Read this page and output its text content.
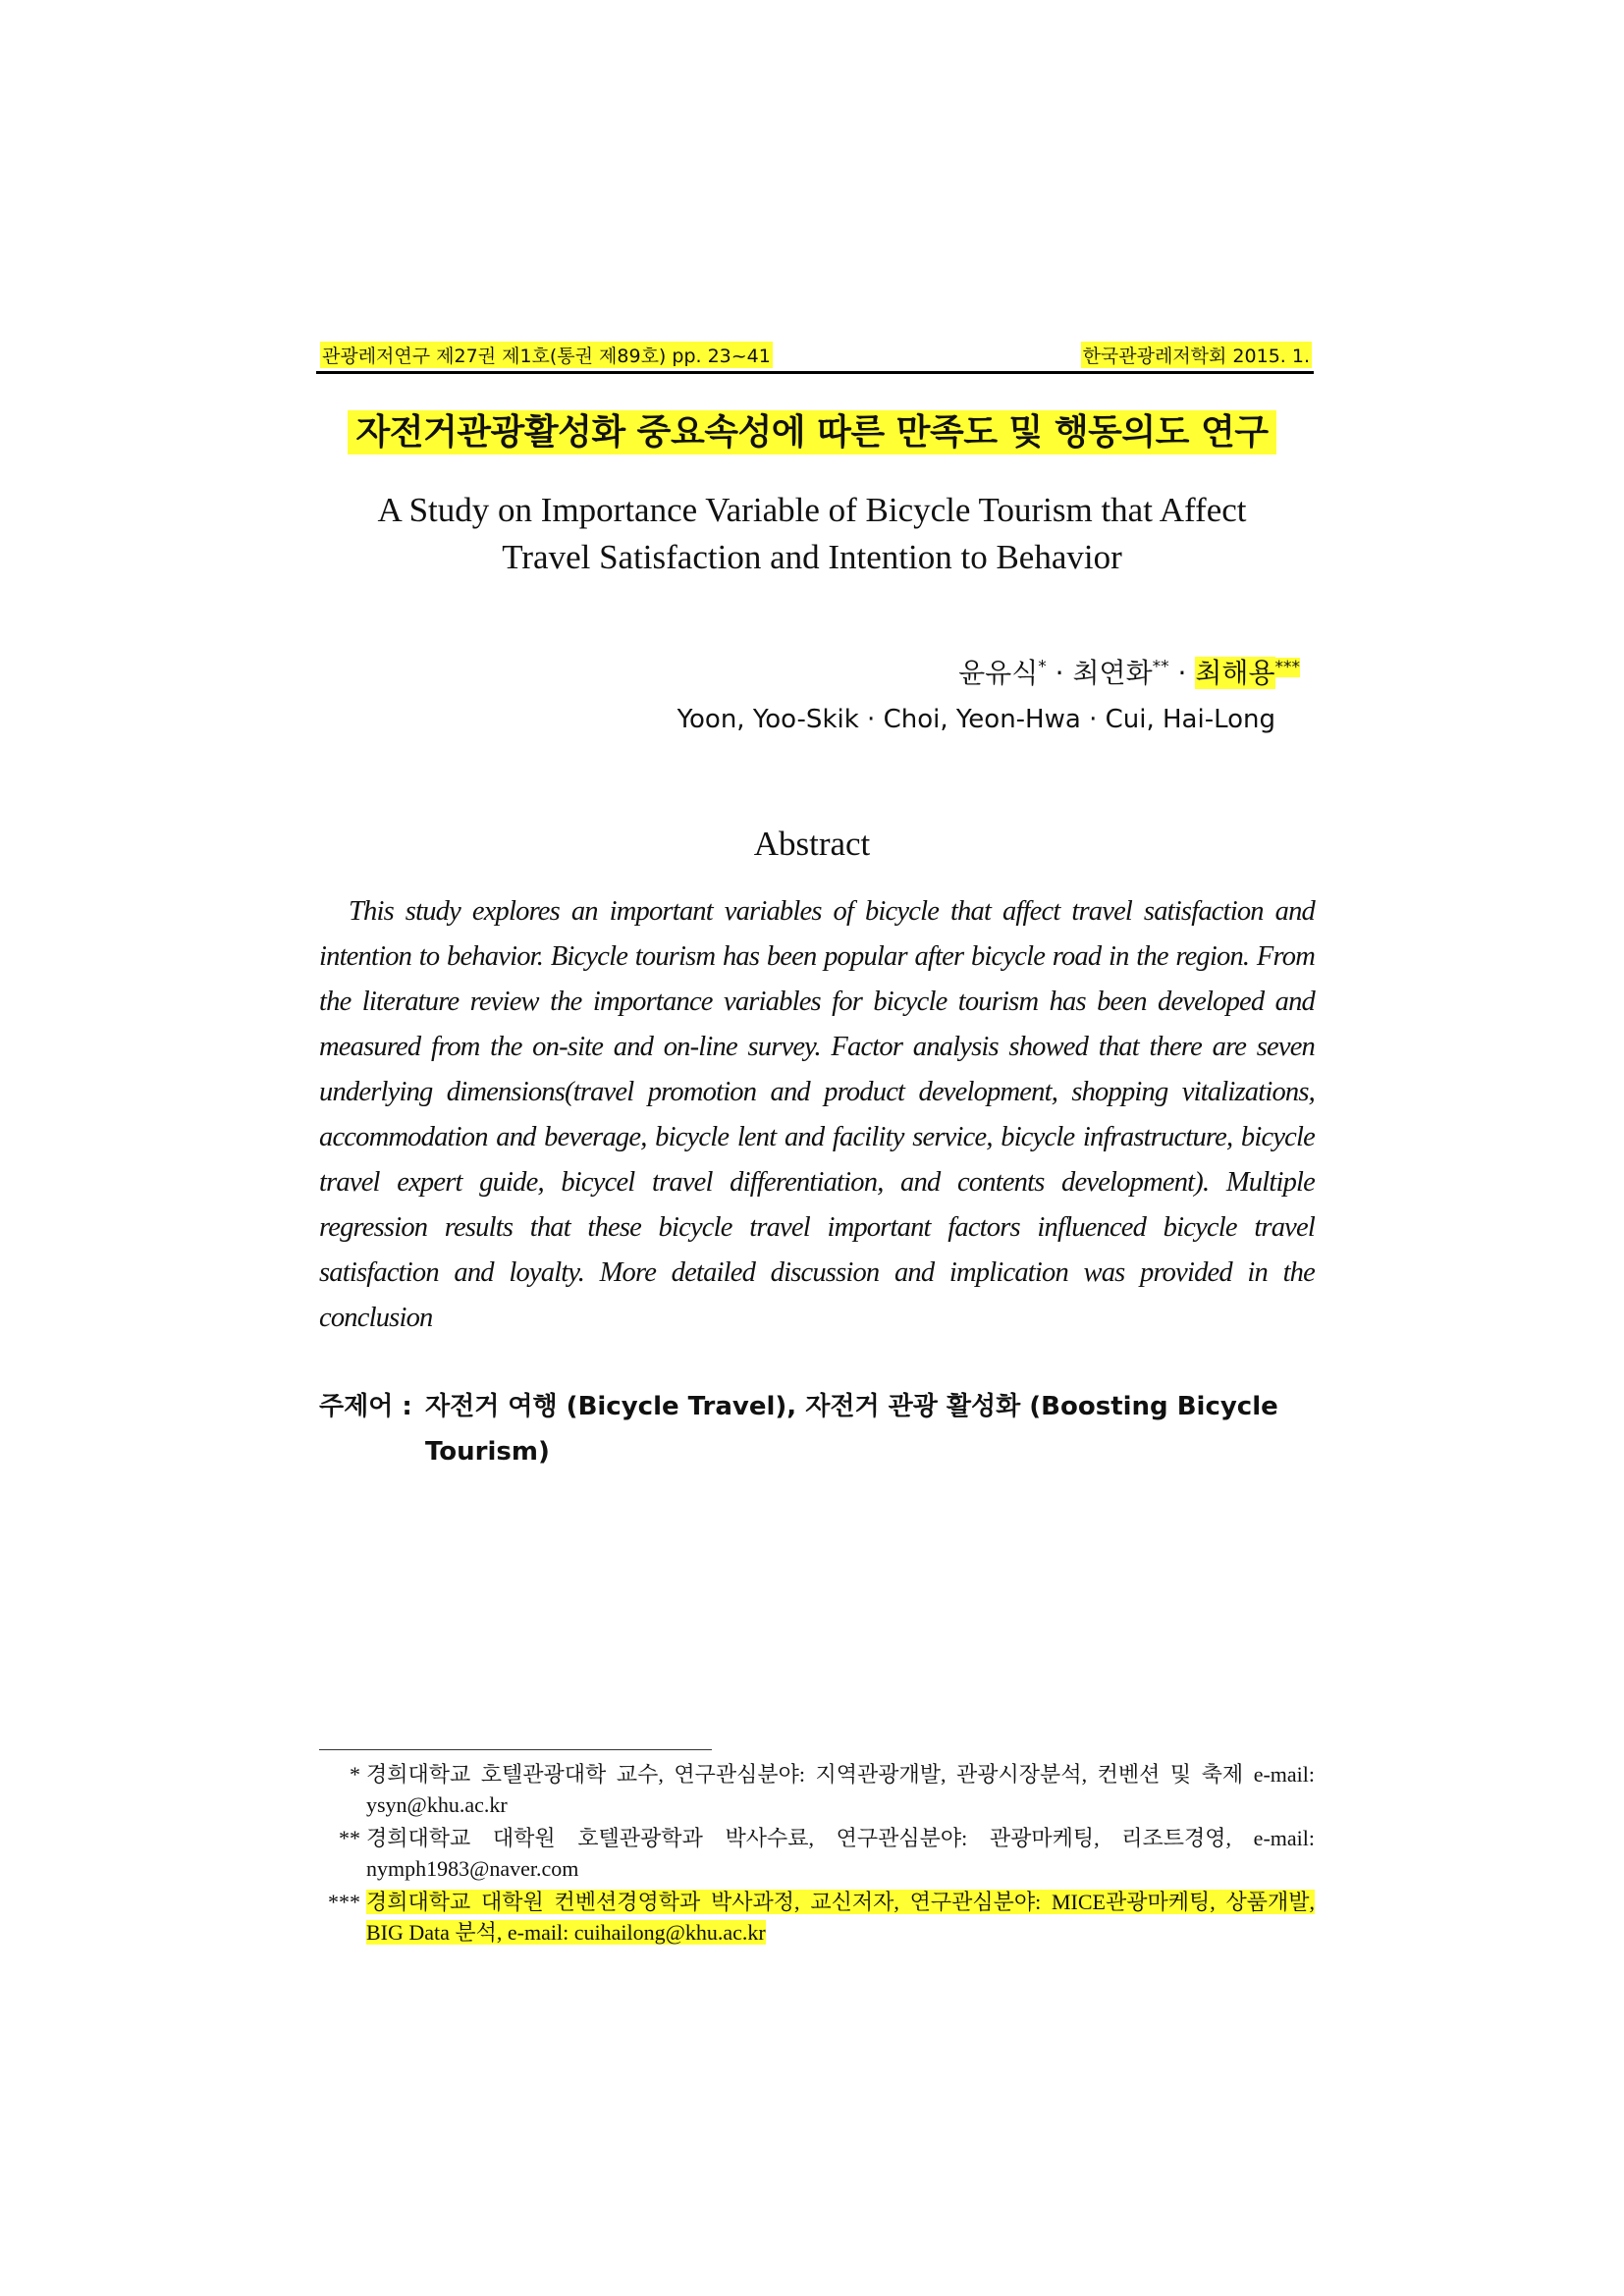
관광레저연구 제27권 제1호(통권 제89호) pp. 23~41	한국관광레저학회 2015. 1.
자전거관광활성화 중요속성에 따른 만족도 및 행동의도 연구
A Study on Importance Variable of Bicycle Tourism that Affect
Travel Satisfaction and Intention to Behavior
윤유식* · 최연화** · 최해용***
Yoon, Yoo-Skik · Choi, Yeon-Hwa · Cui, Hai-Long
Abstract
This study explores an important variables of bicycle that affect travel satisfaction and intention to behavior. Bicycle tourism has been popular after bicycle road in the region. From the literature review the importance variables for bicycle tourism has been developed and measured from the on-site and on-line survey. Factor analysis showed that there are seven underlying dimensions(travel promotion and product development, shopping vitalizations, accommodation and beverage, bicycle lent and facility service, bicycle infrastructure, bicycle travel expert guide, bicycel travel differentiation, and contents development). Multiple regression results that these bicycle travel important factors influenced bicycle travel satisfaction and loyalty. More detailed discussion and implication was provided in the conclusion
주제어 : 자전거 여행 (Bicycle Travel), 자전거 관광 활성화 (Boosting Bicycle Tourism)
* 경희대학교 호텔관광대학 교수, 연구관심분야: 지역관광개발, 관광시장분석, 컨벤션 및 축제 e-mail: ysyn@khu.ac.kr
** 경희대학교 대학원 호텔관광학과 박사수료, 연구관심분야: 관광마케팅, 리조트경영, e-mail: nymph1983@naver.com
*** 경희대학교 대학원 컨벤션경영학과 박사과정, 교신저자, 연구관심분야: MICE관광마케팅, 상품개발, BIG Data 분석, e-mail: cuihailong@khu.ac.kr
